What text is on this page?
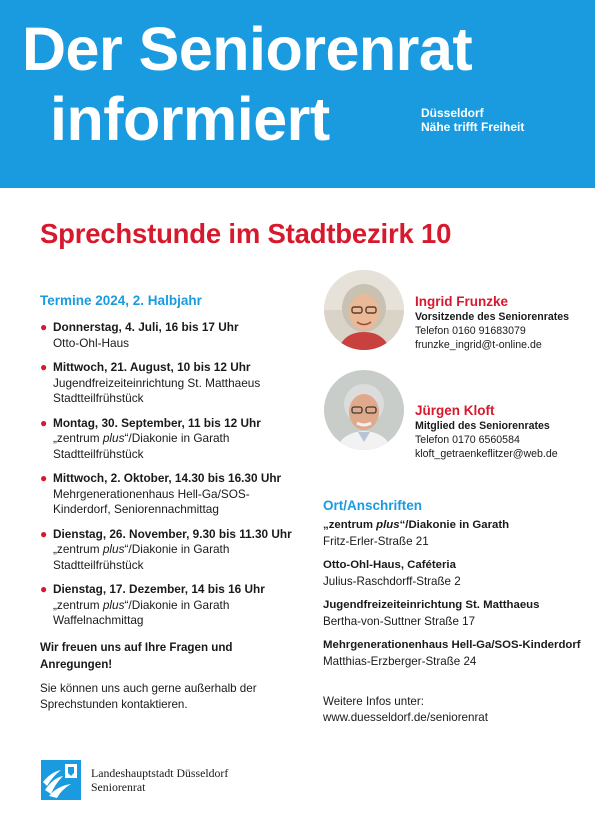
Der Seniorenrat
informiert	Düsseldorf
Nähe trifft Freiheit
Sprechstunde im Stadtbezirk 10
Termine 2024, 2. Halbjahr
● Donnerstag, 4. Juli, 16 bis 17 Uhr
Otto-Ohl-Haus
● Mittwoch, 21. August, 10 bis 12 Uhr
Jugendfreizeiteinrichtung St. Matthaeus
Stadtteilfrühstück
● Montag, 30. September, 11 bis 12 Uhr
„zentrum plus“/Diakonie in Garath
Stadtteilfrühstück
● Mittwoch, 2. Oktober, 14.30 bis 16.30 Uhr
Mehrgenerationenhaus Hell-Ga/SOS-
Kinderdorf, Seniorennachmittag
● Dienstag, 26. November, 9.30 bis 11.30 Uhr
„zentrum plus“/Diakonie in Garath
Stadtteilfrühstück
● Dienstag, 17. Dezember, 14 bis 16 Uhr
„zentrum plus“/Diakonie in Garath
Waffelnachmittag
Wir freuen uns auf Ihre Fragen und Anregungen!
Sie können uns auch gerne außerhalb der Sprechstunden kontaktieren.
Ingrid Frunzke
Vorsitzende des Seniorenrates
Telefon 0160 91683079
frunzke_ingrid@t-online.de
Jürgen Kloft
Mitglied des Seniorenrates
Telefon 0170 6560584
kloft_getraenkeflitzer@web.de
Ort/Anschriften
„zentrum plus“/Diakonie in Garath
Fritz-Erler-Straße 21
Otto-Ohl-Haus, Caféteria
Julius-Raschdorff-Straße 2
Jugendfreizeiteinrichtung St. Matthaeus
Bertha-von-Suttner Straße 17
Mehrgenerationenhaus Hell-Ga/SOS-Kinderdorf
Matthias-Erzberger-Straße 24
Weitere Infos unter:
www.duesseldorf.de/seniorenrat
Landeshauptstadt Düsseldorf
Seniorenrat
